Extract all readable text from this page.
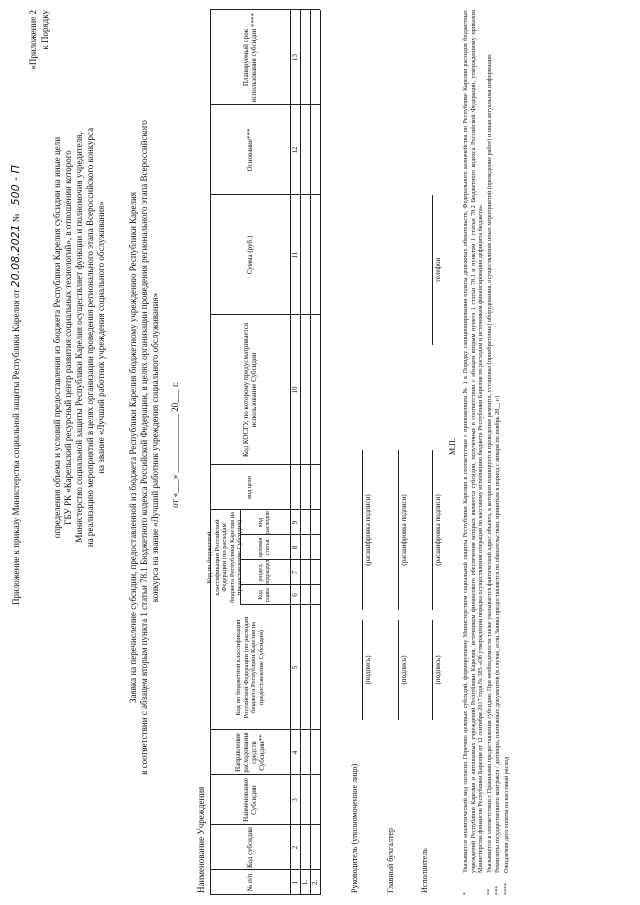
Приложение к приказу Министерства социальной защиты Республики Карелия от 20.08.2021 № 500 - П
«Приложение 2 к Порядку
определения объема и условий предоставления из бюджета Республики Карелия субсидии на иные цели ГБУ РК «Карельский ресурсный центр развития социальных технологий», в отношении которого Министерство социальной защиты Республики Карелия осуществляет функции и полномочия учредителя, на реализацию мероприятий в целях организации проведения регионального этапа Всероссийского конкурса на звание «Лучший работник учреждения социального обслуживания» Заявка на перечисление субсидии, предоставленной из бюджета Республики Карелия бюджетному учреждению Республики Карелия в соответствии с абзацем вторым пункта 1 статьи 78.1 Бюджетного кодекса Российской Федерации, в целях организации проведения регионального этапа Всероссийского конкурса на звание «Лучший работник учреждения социального обслуживания» от «___» _____________ 20___ г.
Наименование Учреждения	№ п/п
Код субсидии
Наименование Субсидии
Направление расходования средств Субсидии**
Код по бюджетной классификации Российской Федерации (по расходам бюджета Республики Карелия на предоставление Субсидии)
Код по бюджетной классификации Российской Федерации (по расходам бюджета Республики Карелия на предоставление Субсидии)
Код главы
раздел, подраздел
целевая статья
вид расходов
вид цели
Код КОСГУ, по которому предусматривается использование Субсидии
Сумма (руб.)
Основание***
Планируемый срок использования субсидии ****
1
2
3
4
5
6
7
8
9
10
11
12
13
1. 2.	Руководитель (уполномоченное лицо)
(подпись)
(расшифровка подписи)
Главный бухгалтер
(подпись)
(расшифровка подписи)
Исполнитель
(подпись)
(расшифровка подписи)
телефон
М.П.
*
Указывается аналитический код согласно Перечню целевых субсидий, формируемому Министерством социальной защиты Республики Карелия в соответствии с приложением № 1 к Порядку санкционирования оплаты денежных обязательств, Федерального казначейства по Республике Карелия расходов бюджетных учреждений Республики Карелия и автономных учреждений Республики Карелия, источником финансового обеспечения которых являются субсидии, полученные в соответствии с абзацем вторым пункта 1 статьи 78.1 и пунктом 1 статьи 78.2 Бюджетного кодекса Российской Федерации, утвержденному приказом Министерства финансов Республики Карелия от 12 сентября 2017 года № 385 «Об утверждении порядка осуществления операций по кассовому исполнению бюджета Республики Карелия по расходам и источникам финансирования дефицита бюджета».
**
Указывается в соответствии с Правилами предоставления субсидии. При необходимости также указывается фактический адрес объекта, в котором планируется проведение ремонта, установка (приобретение) оборудования, осуществление иных мероприятий (проведение работ) и иная актуальная информация.
***
Реквизиты государственного контракта / договора, платежных документов (в случае, если Заявка предоставляется по обязательствам, принятым в период с января по ноябрь 20__ г.)
****
Ожидаемая дата оплаты на кассовый расход
